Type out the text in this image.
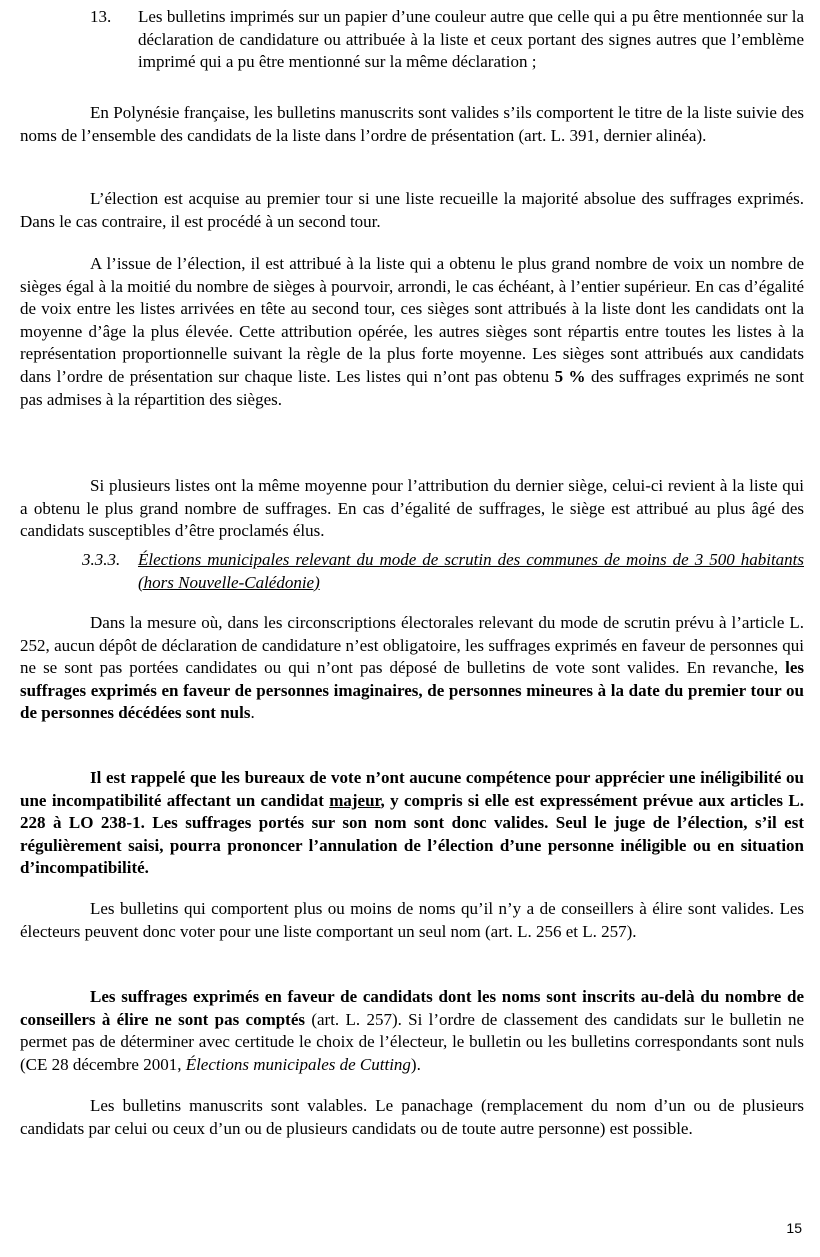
13. Les bulletins imprimés sur un papier d’une couleur autre que celle qui a pu être mentionnée sur la déclaration de candidature ou attribuée à la liste et ceux portant des signes autres que l’emblème imprimé qui a pu être mentionné sur la même déclaration ;
En Polynésie française, les bulletins manuscrits sont valides s’ils comportent le titre de la liste suivie des noms de l’ensemble des candidats de la liste dans l’ordre de présentation (art. L. 391, dernier alinéa).
L’élection est acquise au premier tour si une liste recueille la majorité absolue des suffrages exprimés. Dans le cas contraire, il est procédé à un second tour.
A l’issue de l’élection, il est attribué à la liste qui a obtenu le plus grand nombre de voix un nombre de sièges égal à la moitié du nombre de sièges à pourvoir, arrondi, le cas échéant, à l’entier supérieur. En cas d’égalité de voix entre les listes arrivées en tête au second tour, ces sièges sont attribués à la liste dont les candidats ont la moyenne d’âge la plus élevée. Cette attribution opérée, les autres sièges sont répartis entre toutes les listes à la représentation proportionnelle suivant la règle de la plus forte moyenne. Les sièges sont attribués aux candidats dans l’ordre de présentation sur chaque liste. Les listes qui n’ont pas obtenu 5 % des suffrages exprimés ne sont pas admises à la répartition des sièges.
Si plusieurs listes ont la même moyenne pour l’attribution du dernier siège, celui-ci revient à la liste qui a obtenu le plus grand nombre de suffrages. En cas d’égalité de suffrages, le siège est attribué au plus âgé des candidats susceptibles d’être proclamés élus.
3.3.3. Élections municipales relevant du mode de scrutin des communes de moins de 3 500 habitants (hors Nouvelle-Calédonie)
Dans la mesure où, dans les circonscriptions électorales relevant du mode de scrutin prévu à l’article L. 252, aucun dépôt de déclaration de candidature n’est obligatoire, les suffrages exprimés en faveur de personnes qui ne se sont pas portées candidates ou qui n’ont pas déposé de bulletins de vote sont valides. En revanche, les suffrages exprimés en faveur de personnes imaginaires, de personnes mineures à la date du premier tour ou de personnes décédées sont nuls.
Il est rappelé que les bureaux de vote n’ont aucune compétence pour apprécier une inéligibilité ou une incompatibilité affectant un candidat majeur, y compris si elle est expressément prévue aux articles L. 228 à LO 238-1. Les suffrages portés sur son nom sont donc valides. Seul le juge de l’élection, s’il est régulièrement saisi, pourra prononcer l’annulation de l’élection d’une personne inéligible ou en situation d’incompatibilité.
Les bulletins qui comportent plus ou moins de noms qu’il n’y a de conseillers à élire sont valides. Les électeurs peuvent donc voter pour une liste comportant un seul nom (art. L. 256 et L. 257).
Les suffrages exprimés en faveur de candidats dont les noms sont inscrits au-delà du nombre de conseillers à élire ne sont pas comptés (art. L. 257). Si l’ordre de classement des candidats sur le bulletin ne permet pas de déterminer avec certitude le choix de l’électeur, le bulletin ou les bulletins correspondants sont nuls (CE 28 décembre 2001, Élections municipales de Cutting).
Les bulletins manuscrits sont valables. Le panachage (remplacement du nom d’un ou de plusieurs candidats par celui ou ceux d’un ou de plusieurs candidats ou de toute autre personne) est possible.
15
